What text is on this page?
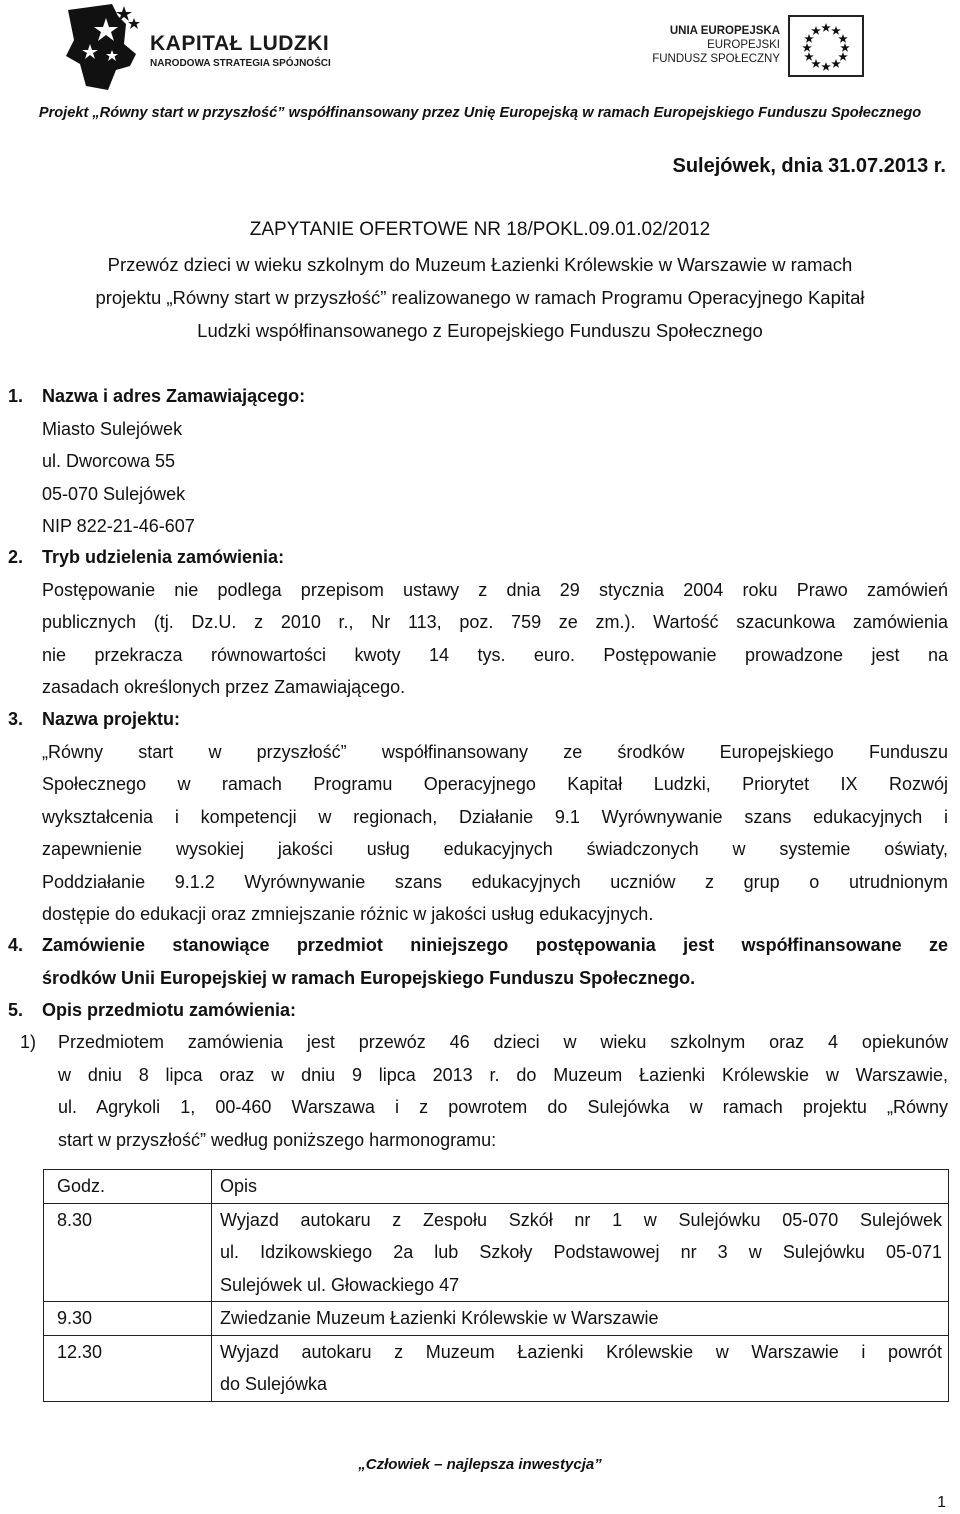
KAPITAŁ LUDZKI
NARODOWA STRATEGIA SPÓJNOŚCI
UNIA EUROPEJSKA
EUROPEJSKI
FUNDUSZ SPOŁECZNY
Projekt „Równy start w przyszłość” współfinansowany przez Unię Europejską w ramach Europejskiego Funduszu Społecznego
Sulejówek, dnia 31.07.2013 r.
ZAPYTANIE OFERTOWE NR 18/POKL.09.01.02/2012
Przewóz dzieci w wieku szkolnym do Muzeum Łazienki Królewskie w Warszawie w ramach
projektu „Równy start w przyszłość” realizowanego w ramach Programu Operacyjnego Kapitał
Ludzki współfinansowanego z Europejskiego Funduszu Społecznego
1. Nazwa i adres Zamawiającego:
Miasto Sulejówek
ul. Dworcowa 55
05-070 Sulejówek
NIP 822-21-46-607
2. Tryb udzielenia zamówienia:
Postępowanie nie podlega przepisom ustawy z dnia 29 stycznia 2004 roku Prawo zamówień
publicznych (tj. Dz.U. z 2010 r., Nr 113, poz. 759 ze zm.). Wartość szacunkowa zamówienia
nie przekracza równowartości kwoty 14 tys. euro. Postępowanie prowadzone jest na
zasadach określonych przez Zamawiającego.
3. Nazwa projektu:
„Równy start w przyszłość” współfinansowany ze środków Europejskiego Funduszu
Społecznego w ramach Programu Operacyjnego Kapitał Ludzki, Priorytet IX Rozwój
wykształcenia i kompetencji w regionach, Działanie 9.1 Wyrównywanie szans edukacyjnych i
zapewnienie wysokiej jakości usług edukacyjnych świadczonych w systemie oświaty,
Poddziałanie 9.1.2 Wyrównywanie szans edukacyjnych uczniów z grup o utrudnionym
dostępie do edukacji oraz zmniejszanie różnic w jakości usług edukacyjnych.
4. Zamówienie stanowiące przedmiot niniejszego postępowania jest współfinansowane ze
środków Unii Europejskiej w ramach Europejskiego Funduszu Społecznego.
5. Opis przedmiotu zamówienia:
1) Przedmiotem zamówienia jest przewóz 46 dzieci w wieku szkolnym oraz 4 opiekunów
w dniu 8 lipca oraz w dniu 9 lipca 2013 r. do Muzeum Łazienki Królewskie w Warszawie,
ul. Agrykoli 1, 00-460 Warszawa i z powrotem do Sulejówka w ramach projektu „Równy
start w przyszłość” według poniższego harmonogramu:
Godz.	Opis
8.30	Wyjazd autokaru z Zespołu Szkół nr 1 w Sulejówku 05-070 Sulejówek
ul. Idzikowskiego 2a lub Szkoły Podstawowej nr 3 w Sulejówku 05-071
Sulejówek ul. Głowackiego 47

9.30	Zwiedzanie Muzeum Łazienki Królewskie w Warszawie

12.30	Wyjazd autokaru z Muzeum Łazienki Królewskie w Warszawie i powrót
do Sulejówka
„Człowiek – najlepsza inwestycja”
1
